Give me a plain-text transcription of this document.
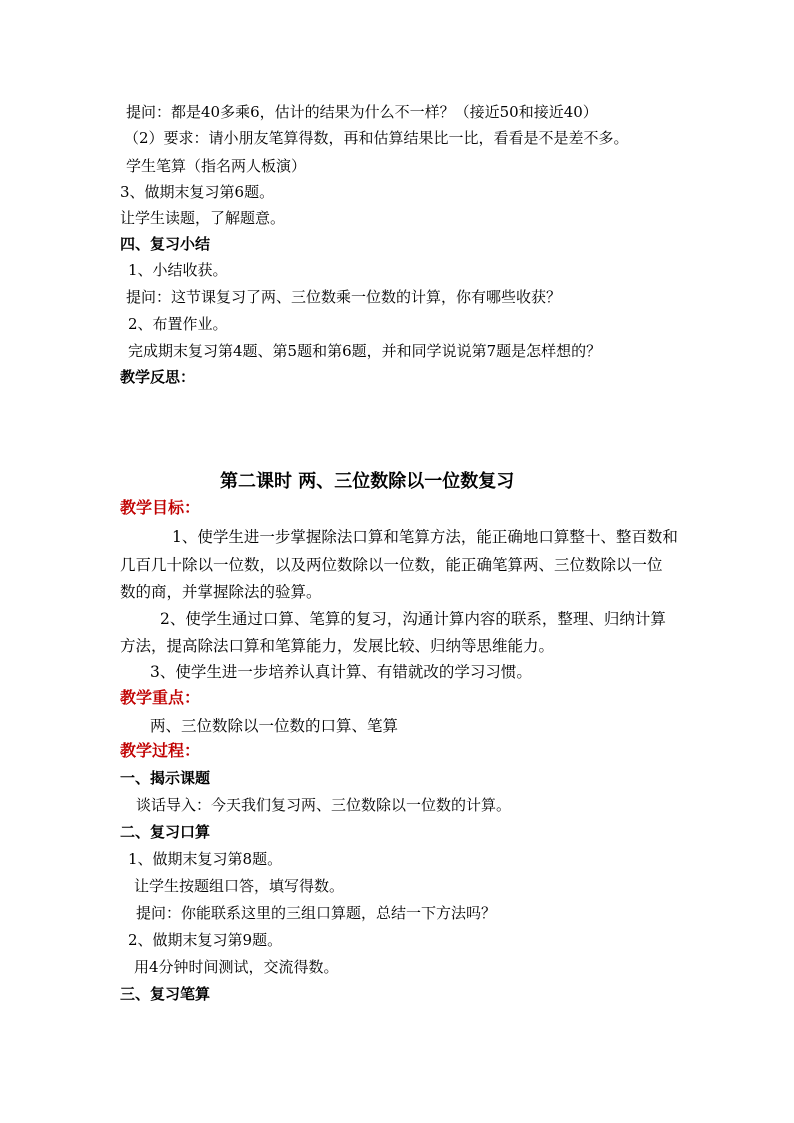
提问：都是40多乘6，估计的结果为什么不一样？（接近50和接近40）
（2）要求：请小朋友笔算得数，再和估算结果比一比，看看是不是差不多。
学生笔算（指名两人板演）
3、做期末复习第6题。
让学生读题，了解题意。
四、复习小结
1、小结收获。
提问：这节课复习了两、三位数乘一位数的计算，你有哪些收获？
2、布置作业。
完成期末复习第4题、第5题和第6题，并和同学说说第7题是怎样想的？
教学反思：
第二课时 两、三位数除以一位数复习
教学目标：
1、使学生进一步掌握除法口算和笔算方法，能正确地口算整十、整百数和
几百几十除以一位数，以及两位数除以一位数，能正确笔算两、三位数除以一位
数的商，并掌握除法的验算。
2、使学生通过口算、笔算的复习，沟通计算内容的联系，整理、归纳计算
方法，提高除法口算和笔算能力，发展比较、归纳等思维能力。
3、使学生进一步培养认真计算、有错就改的学习习惯。
教学重点：
两、三位数除以一位数的口算、笔算
教学过程：
一、揭示课题
谈话导入：今天我们复习两、三位数除以一位数的计算。
二、复习口算
1、做期末复习第8题。
让学生按题组口答，填写得数。
提问：你能联系这里的三组口算题，总结一下方法吗？
2、做期末复习第9题。
用4分钟时间测试，交流得数。
三、复习笔算
